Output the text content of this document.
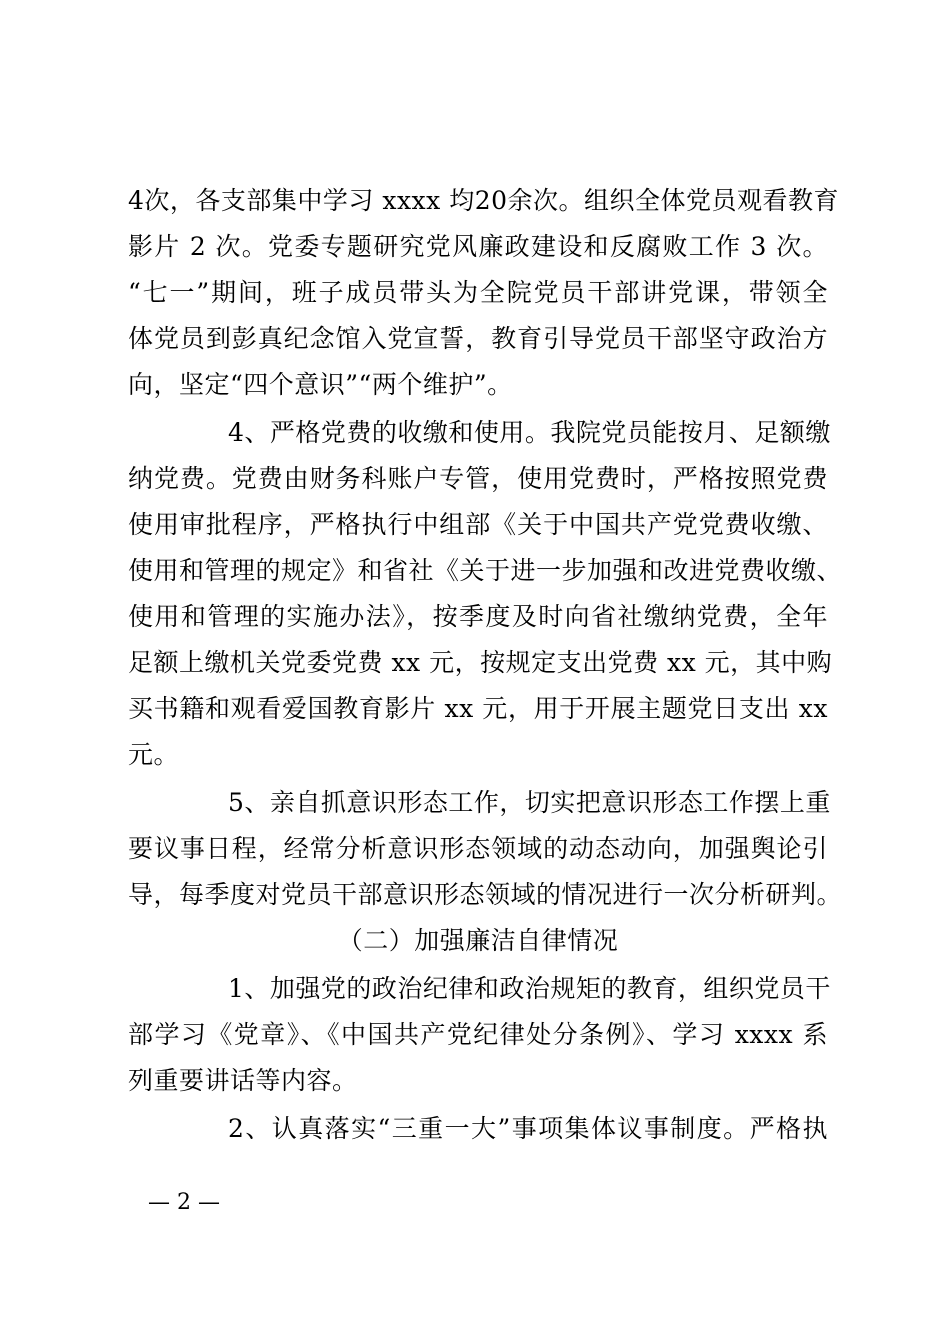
4次，各支部集中学习 xxxx 均20余次。组织全体党员观看教育
影片 2 次。党委专题研究党风廉政建设和反腐败工作 3 次。
“七一”期间，班子成员带头为全院党员干部讲党课，带领全
体党员到彭真纪念馆入党宣誓，教育引导党员干部坚守政治方
向，坚定“四个意识”“两个维护”。
4、严格党费的收缴和使用。我院党员能按月、足额缴
纳党费。党费由财务科账户专管，使用党费时，严格按照党费
使用审批程序，严格执行中组部《关于中国共产党党费收缴、
使用和管理的规定》和省社《关于进一步加强和改进党费收缴、
使用和管理的实施办法》，按季度及时向省社缴纳党费，全年
足额上缴机关党委党费 xx 元，按规定支出党费 xx 元，其中购
买书籍和观看爱国教育影片 xx 元，用于开展主题党日支出 xx
元。
5、亲自抓意识形态工作，切实把意识形态工作摆上重
要议事日程，经常分析意识形态领域的动态动向，加强舆论引
导，每季度对党员干部意识形态领域的情况进行一次分析研判。
（二）加强廉洁自律情况
1、加强党的政治纪律和政治规矩的教育，组织党员干
部学习《党章》、《中国共产党纪律处分条例》、学习 xxxx 系
列重要讲话等内容。
2、认真落实“三重一大”事项集体议事制度。严格执
— 2 —
